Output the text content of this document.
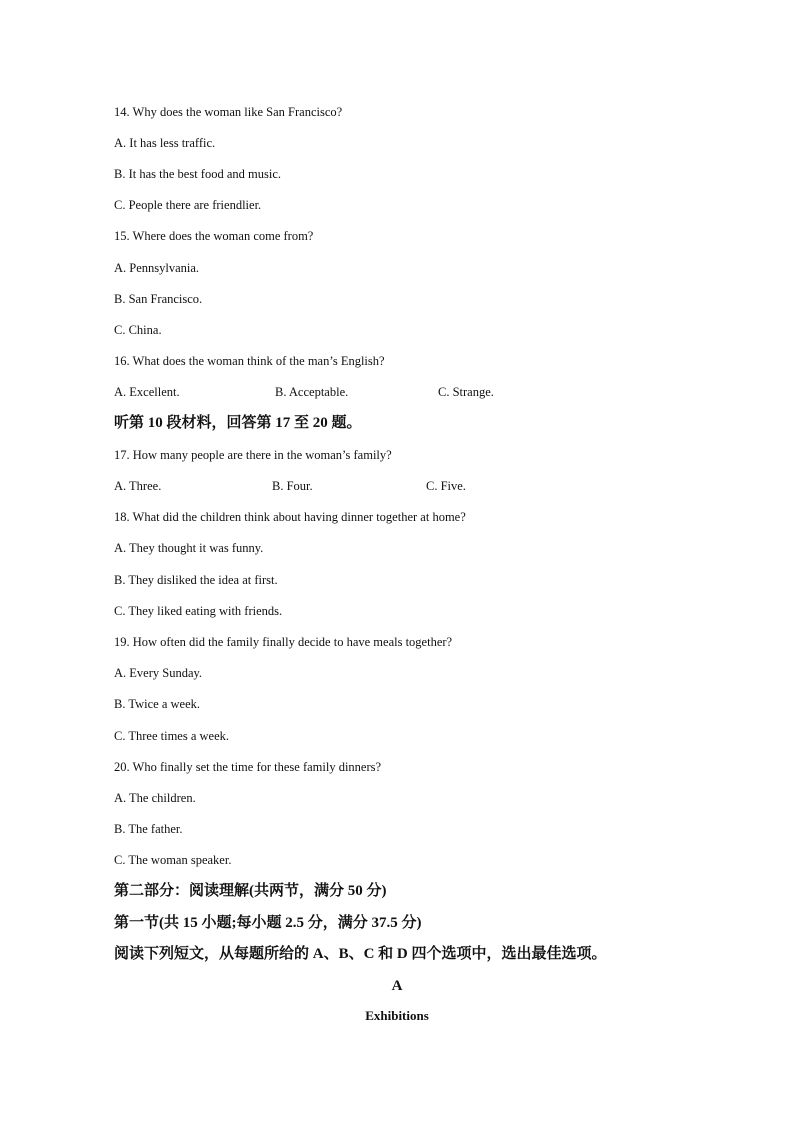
14. Why does the woman like San Francisco?
A. It has less traffic.
B. It has the best food and music.
C. People there are friendlier.
15. Where does the woman come from?
A. Pennsylvania.
B. San Francisco.
C. China.
16. What does the woman think of the man’s English?
A. Excellent.	B. Acceptable.	C. Strange.
听第 10 段材料，回答第 17 至 20 题。
17. How many people are there in the woman’s family?
A. Three.	B. Four.	C. Five.
18. What did the children think about having dinner together at home?
A. They thought it was funny.
B. They disliked the idea at first.
C. They liked eating with friends.
19. How often did the family finally decide to have meals together?
A. Every Sunday.
B. Twice a week.
C. Three times a week.
20. Who finally set the time for these family dinners?
A. The children.
B. The father.
C. The woman speaker.
第二部分：阅读理解(共两节，满分 50 分)
第一节(共 15 小题;每小题 2.5 分，满分 37.5 分)
阅读下列短文，从每题所给的 A、B、C 和 D 四个选项中，选出最佳选项。
A
Exhibitions
